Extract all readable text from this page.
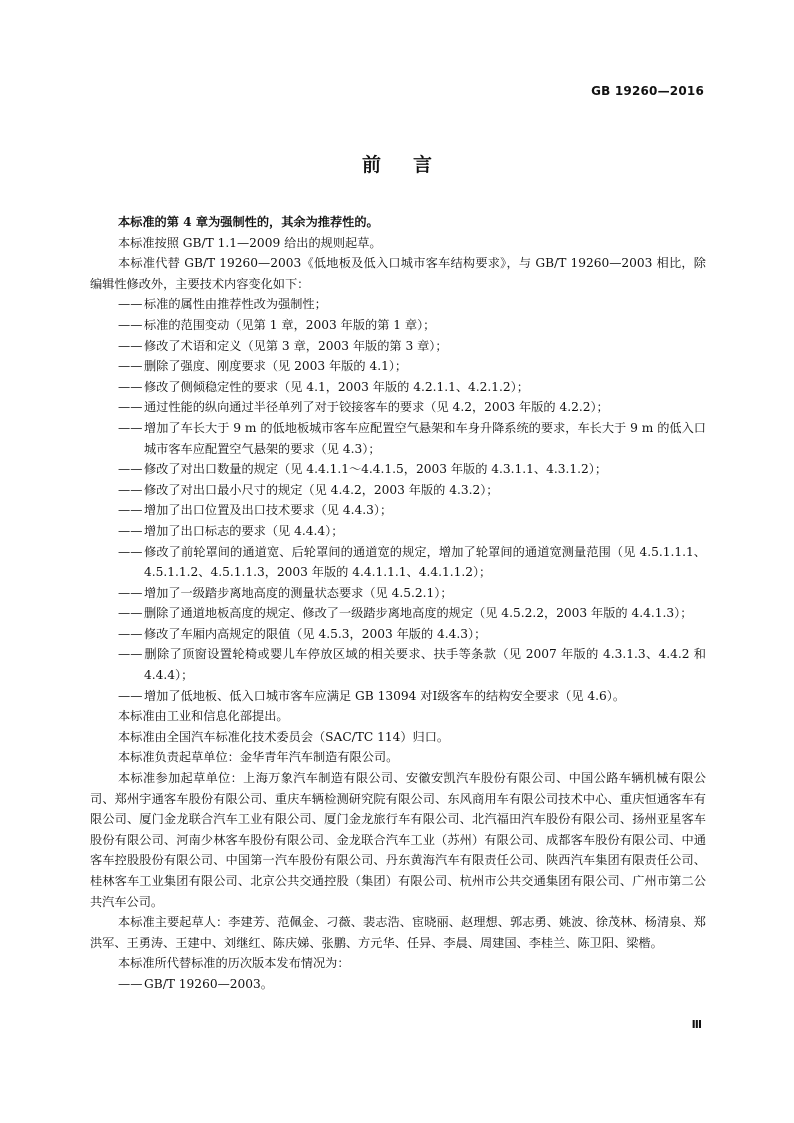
GB 19260—2016
前言
本标准的第 4 章为强制性的，其余为推荐性的。
本标准按照 GB/T 1.1—2009 给出的规则起草。
本标准代替 GB/T 19260—2003《低地板及低入口城市客车结构要求》，与 GB/T 19260—2003 相比，除编辑性修改外，主要技术内容变化如下：
—— 标准的属性由推荐性改为强制性；
—— 标准的范围变动（见第 1 章，2003 年版的第 1 章）；
—— 修改了术语和定义（见第 3 章，2003 年版的第 3 章）；
—— 删除了强度、刚度要求（见 2003 年版的 4.1）；
—— 修改了侧倾稳定性的要求（见 4.1，2003 年版的 4.2.1.1、4.2.1.2）；
—— 通过性能的纵向通过半径单列了对于铰接客车的要求（见 4.2，2003 年版的 4.2.2）；
—— 增加了车长大于 9 m 的低地板城市客车应配置空气悬架和车身升降系统的要求，车长大于 9 m 的低入口城市客车应配置空气悬架的要求（见 4.3）；
—— 修改了对出口数量的规定（见 4.4.1.1～4.4.1.5，2003 年版的 4.3.1.1、4.3.1.2）；
—— 修改了对出口最小尺寸的规定（见 4.4.2，2003 年版的 4.3.2）；
—— 增加了出口位置及出口技术要求（见 4.4.3）；
—— 增加了出口标志的要求（见 4.4.4）；
—— 修改了前轮罩间的通道宽、后轮罩间的通道宽的规定，增加了轮罩间的通道宽测量范围（见 4.5.1.1.1、4.5.1.1.2、4.5.1.1.3，2003 年版的 4.4.1.1.1、4.4.1.1.2）；
—— 增加了一级踏步离地高度的测量状态要求（见 4.5.2.1）；
—— 删除了通道地板高度的规定、修改了一级踏步离地高度的规定（见 4.5.2.2，2003 年版的 4.4.1.3）；
—— 修改了车厢内高规定的限值（见 4.5.3，2003 年版的 4.4.3）；
—— 删除了顶窗设置轮椅或婴儿车停放区域的相关要求、扶手等条款（见 2007 年版的 4.3.1.3、4.4.2 和 4.4.4）；
—— 增加了低地板、低入口城市客车应满足 GB 13094 对Ⅰ级客车的结构安全要求（见 4.6）。
本标准由工业和信息化部提出。
本标准由全国汽车标准化技术委员会（SAC/TC 114）归口。
本标准负责起草单位：金华青年汽车制造有限公司。
本标准参加起草单位：上海万象汽车制造有限公司、安徽安凯汽车股份有限公司、中国公路车辆机械有限公司、郑州宇通客车股份有限公司、重庆车辆检测研究院有限公司、东风商用车有限公司技术中心、重庆恒通客车有限公司、厦门金龙联合汽车工业有限公司、厦门金龙旅行车有限公司、北汽福田汽车股份有限公司、扬州亚星客车股份有限公司、河南少林客车股份有限公司、金龙联合汽车工业（苏州）有限公司、成都客车股份有限公司、中通客车控股股份有限公司、中国第一汽车股份有限公司、丹东黄海汽车有限责任公司、陕西汽车集团有限责任公司、桂林客车工业集团有限公司、北京公共交通控股（集团）有限公司、杭州市公共交通集团有限公司、广州市第二公共汽车公司。
本标准主要起草人：李建芳、范佩金、刁薇、裴志浩、宦晓丽、赵理想、郭志勇、姚波、徐茂林、杨清泉、郑洪军、王勇涛、王建中、刘继红、陈庆娣、张鹏、方元华、任异、李晨、周建国、李桂兰、陈卫阳、梁楷。
本标准所代替标准的历次版本发布情况为：
—— GB/T 19260—2003。
Ⅲ
